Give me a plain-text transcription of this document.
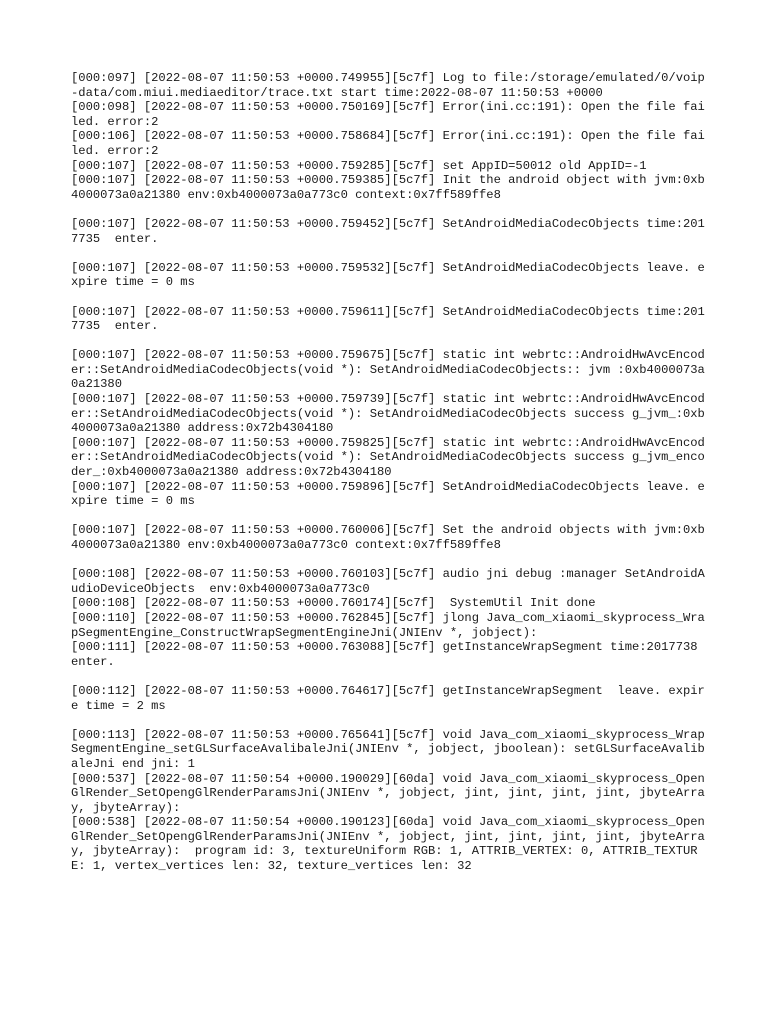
[000:097] [2022-08-07 11:50:53 +0000.749955][5c7f] Log to file:/storage/emulated/0/voip-data/com.miui.mediaeditor/trace.txt start time:2022-08-07 11:50:53 +0000
[000:098] [2022-08-07 11:50:53 +0000.750169][5c7f] Error(ini.cc:191): Open the file failed. error:2
[000:106] [2022-08-07 11:50:53 +0000.758684][5c7f] Error(ini.cc:191): Open the file failed. error:2
[000:107] [2022-08-07 11:50:53 +0000.759285][5c7f] set AppID=50012 old AppID=-1
[000:107] [2022-08-07 11:50:53 +0000.759385][5c7f] Init the android object with jvm:0xb4000073a0a21380 env:0xb4000073a0a773c0 context:0x7ff589ffe8
[000:107] [2022-08-07 11:50:53 +0000.759452][5c7f] SetAndroidMediaCodecObjects time:2017735  enter.
[000:107] [2022-08-07 11:50:53 +0000.759532][5c7f] SetAndroidMediaCodecObjects leave. expire time = 0 ms
[000:107] [2022-08-07 11:50:53 +0000.759611][5c7f] SetAndroidMediaCodecObjects time:2017735  enter.
[000:107] [2022-08-07 11:50:53 +0000.759675][5c7f] static int webrtc::AndroidHwAvcEncoder::SetAndroidMediaCodecObjects(void *): SetAndroidMediaCodecObjects:: jvm :0xb4000073a0a21380
[000:107] [2022-08-07 11:50:53 +0000.759739][5c7f] static int webrtc::AndroidHwAvcEncoder::SetAndroidMediaCodecObjects(void *): SetAndroidMediaCodecObjects success g_jvm_:0xb4000073a0a21380 address:0x72b4304180
[000:107] [2022-08-07 11:50:53 +0000.759825][5c7f] static int webrtc::AndroidHwAvcEncoder::SetAndroidMediaCodecObjects(void *): SetAndroidMediaCodecObjects success g_jvm_encoder_:0xb4000073a0a21380 address:0x72b4304180
[000:107] [2022-08-07 11:50:53 +0000.759896][5c7f] SetAndroidMediaCodecObjects leave. expire time = 0 ms
[000:107] [2022-08-07 11:50:53 +0000.760006][5c7f] Set the android objects with jvm:0xb4000073a0a21380 env:0xb4000073a0a773c0 context:0x7ff589ffe8
[000:108] [2022-08-07 11:50:53 +0000.760103][5c7f] audio jni debug :manager SetAndroidAudioDeviceObjects  env:0xb4000073a0a773c0
[000:108] [2022-08-07 11:50:53 +0000.760174][5c7f]  SystemUtil Init done
[000:110] [2022-08-07 11:50:53 +0000.762845][5c7f] jlong Java_com_xiaomi_skyprocess_WrapSegmentEngine_ConstructWrapSegmentEngineJni(JNIEnv *, jobject):
[000:111] [2022-08-07 11:50:53 +0000.763088][5c7f] getInstanceWrapSegment time:2017738  enter.
[000:112] [2022-08-07 11:50:53 +0000.764617][5c7f] getInstanceWrapSegment  leave. expire time = 2 ms
[000:113] [2022-08-07 11:50:53 +0000.765641][5c7f] void Java_com_xiaomi_skyprocess_WrapSegmentEngine_setGLSurfaceAvalibaleJni(JNIEnv *, jobject, jboolean): setGLSurfaceAvalibaleJni end jni: 1
[000:537] [2022-08-07 11:50:54 +0000.190029][60da] void Java_com_xiaomi_skyprocess_OpenGlRender_SetOpengGlRenderParamsJni(JNIEnv *, jobject, jint, jint, jint, jint, jbyteArray, jbyteArray):
[000:538] [2022-08-07 11:50:54 +0000.190123][60da] void Java_com_xiaomi_skyprocess_OpenGlRender_SetOpengGlRenderParamsJni(JNIEnv *, jobject, jint, jint, jint, jint, jbyteArray, jbyteArray):  program id: 3, textureUniform RGB: 1, ATTRIB_VERTEX: 0, ATTRIB_TEXTURE: 1, vertex_vertices len: 32, texture_vertices len: 32
